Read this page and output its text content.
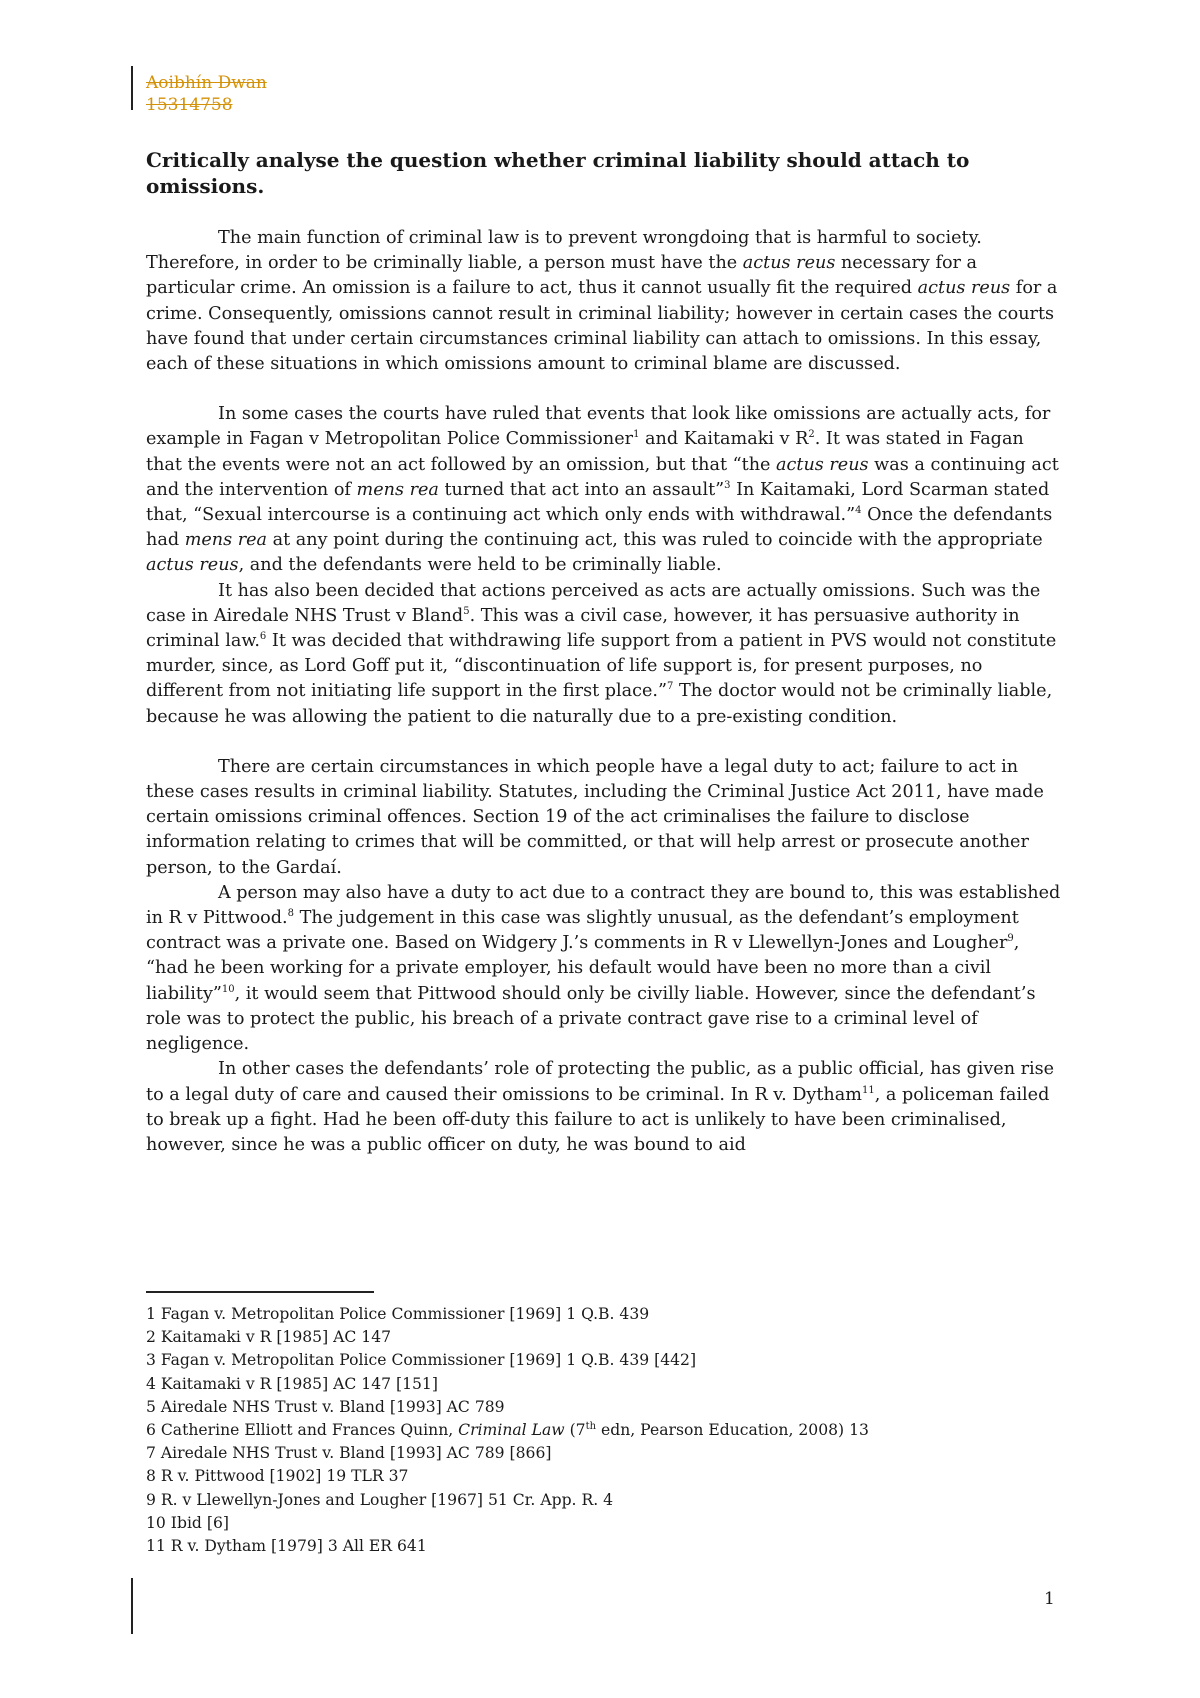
Aoibhín Dwan
15314758
Critically analyse the question whether criminal liability should attach to omissions.

The main function of criminal law is to prevent wrongdoing that is harmful to society. Therefore, in order to be criminally liable, a person must have the actus reus necessary for a particular crime. An omission is a failure to act, thus it cannot usually fit the required actus reus for a crime. Consequently, omissions cannot result in criminal liability; however in certain cases the courts have found that under certain circumstances criminal liability can attach to omissions. In this essay, each of these situations in which omissions amount to criminal blame are discussed.

In some cases the courts have ruled that events that look like omissions are actually acts, for example in Fagan v Metropolitan Police Commissioner$^1$ and Kaitamaki v $R^2$. It was stated in Fagan that the events were not an act followed by an omission, but that “the actus reus was a continuing act and the intervention of mens rea turned that act into an assault”$^3$ In Kaitamaki, Lord Scarman stated that, “Sexual intercourse is a continuing act which only ends with withdrawal.”$^4$ Once the defendants had mens rea at any point during the continuing act, this was ruled to coincide with the appropriate actus reus, and the defendants were held to be criminally liable.

It has also been decided that actions perceived as acts are actually omissions. Such was the case in Airedale NHS Trust v Bland$^5$. This was a civil case, however, it has persuasive authority in criminal law.$^6$ It was decided that withdrawing life support from a patient in PVS would not constitute murder, since, as Lord Goff put it, “discontinuation of life support is, for present purposes, no different from not initiating life support in the first place.”$^7$ The doctor would not be criminally liable, because he was allowing the patient to die naturally due to a pre-existing condition.

There are certain circumstances in which people have a legal duty to act; failure to act in these cases results in criminal liability. Statutes, including the Criminal Justice Act 2011, have made certain omissions criminal offences. Section 19 of the act criminalises the failure to disclose information relating to crimes that will be committed, or that will help arrest or prosecute another person, to the Gardaí.

A person may also have a duty to act due to a contract they are bound to, this was established in R v Pittwood.$^8$ The judgement in this case was slightly unusual, as the defendant’s employment contract was a private one. Based on Widgery J.’s comments in R v Llewellyn-Jones and Lougher$^9$, “had he been working for a private employer, his default would have been no more than a civil liability”$^{10}$, it would seem that Pittwood should only be civilly liable. However, since the defendant’s role was to protect the public, his breach of a private contract gave rise to a criminal level of negligence.

In other cases the defendants’ role of protecting the public, as a public official, has given rise to a legal duty of care and caused their omissions to be criminal. In R v. Dytham$^{11}$, a policeman failed to break up a fight. Had he been off-duty this failure to act is unlikely to have been criminalised, however, since he was a public officer on duty, he was bound to aid

1 Fagan v. Metropolitan Police Commissioner [1969] 1 Q.B. 439
2 Kaitamaki v R [1985] AC 147
3 Fagan v. Metropolitan Police Commissioner [1969] 1 Q.B. 439 [442]
4 Kaitamaki v R [1985] AC 147 [151]
5 Airedale NHS Trust v. Bland [1993] AC 789
6 Catherine Elliott and Frances Quinn, Criminal Law (7th edn, Pearson Education, 2008) 13
7 Airedale NHS Trust v. Bland [1993] AC 789 [866]
8 R v. Pittwood [1902] 19 TLR 37
9 R. v Llewellyn-Jones and Lougher [1967] 51 Cr. App. R. 4
10 Ibid [6]
11 R v. Dytham [1979] 3 All ER 641
1
